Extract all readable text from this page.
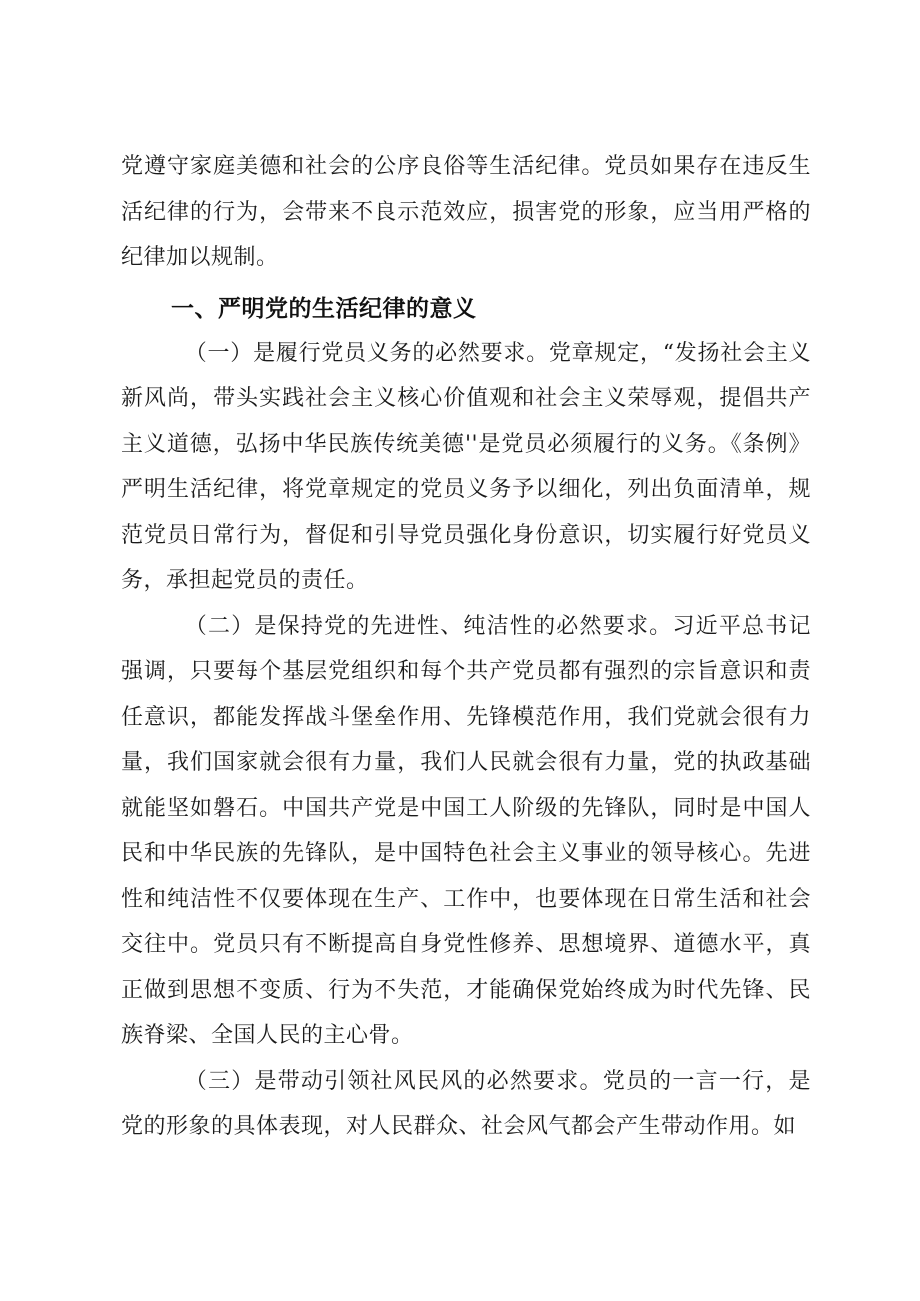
党遵守家庭美德和社会的公序良俗等生活纪律。党员如果存在违反生活纪律的行为，会带来不良示范效应，损害党的形象，应当用严格的纪律加以规制。

一、严明党的生活纪律的意义

（一）是履行党员义务的必然要求。党章规定，“发扬社会主义新风尚，带头实践社会主义核心价值观和社会主义荣辱观，提倡共产主义道德，弘扬中华民族传统美德''是党员必须履行的义务。《条例》严明生活纪律，将党章规定的党员义务予以细化，列出负面清单，规范党员日常行为，督促和引导党员强化身份意识，切实履行好党员义务，承担起党员的责任。

（二）是保持党的先进性、纯洁性的必然要求。习近平总书记强调，只要每个基层党组织和每个共产党员都有强烈的宗旨意识和责任意识，都能发挥战斗堡垒作用、先锋模范作用，我们党就会很有力量，我们国家就会很有力量，我们人民就会很有力量，党的执政基础就能坚如磐石。中国共产党是中国工人阶级的先锋队，同时是中国人民和中华民族的先锋队，是中国特色社会主义事业的领导核心。先进性和纯洁性不仅要体现在生产、工作中，也要体现在日常生活和社会交往中。党员只有不断提高自身党性修养、思想境界、道德水平，真正做到思想不变质、行为不失范，才能确保党始终成为时代先锋、民族脊梁、全国人民的主心骨。

（三）是带动引领社风民风的必然要求。党员的一言一行，是党的形象的具体表现，对人民群众、社会风气都会产生带动作用。如
